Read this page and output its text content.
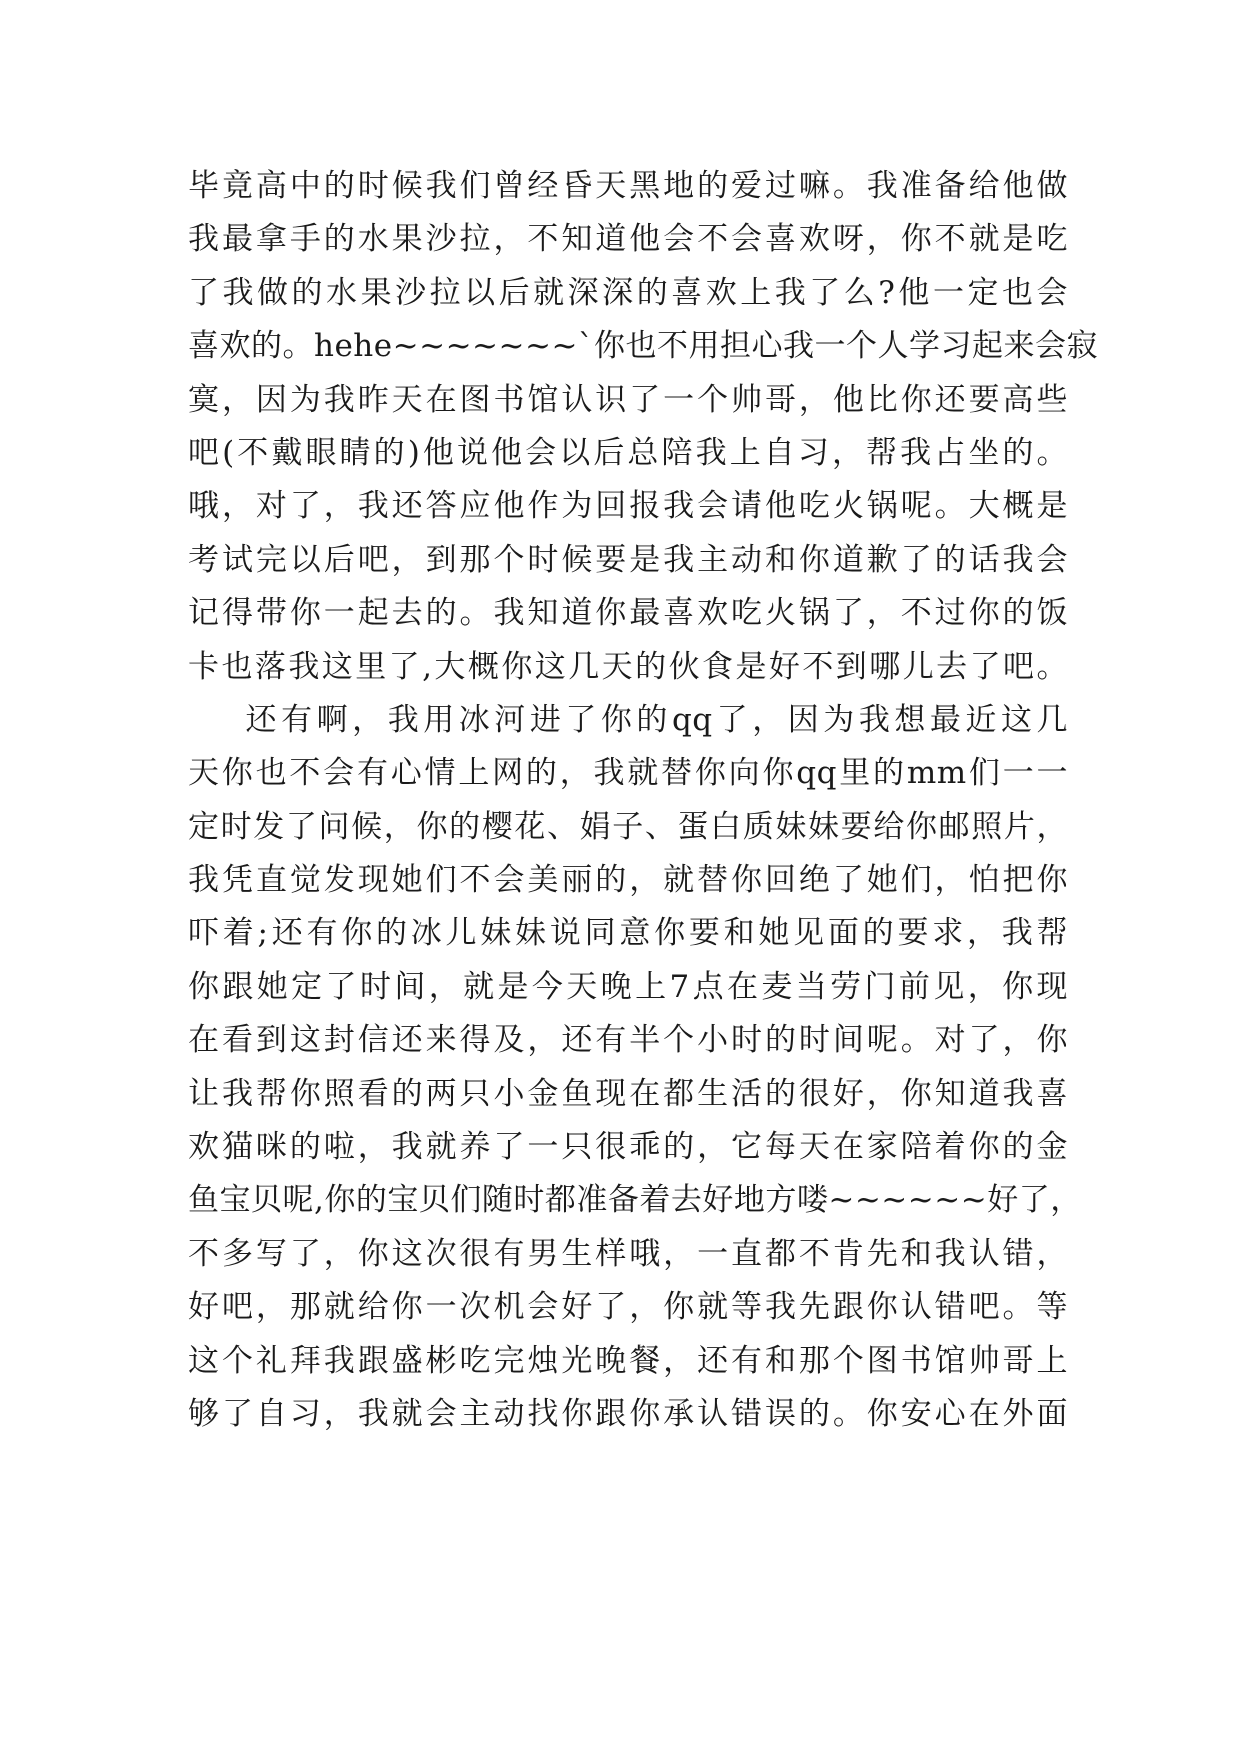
毕竟高中的时候我们曾经昏天黑地的爱过嘛。我准备给他做
我最拿手的水果沙拉，不知道他会不会喜欢呀，你不就是吃
了我做的水果沙拉以后就深深的喜欢上我了么?他一定也会
喜欢的。hehe~~~~~~~`你也不用担心我一个人学习起来会寂
寞，因为我昨天在图书馆认识了一个帅哥，他比你还要高些
吧(不戴眼睛的)他说他会以后总陪我上自习，帮我占坐的。
哦，对了，我还答应他作为回报我会请他吃火锅呢。大概是
考试完以后吧，到那个时候要是我主动和你道歉了的话我会
记得带你一起去的。我知道你最喜欢吃火锅了，不过你的饭
卡也落我这里了,大概你这几天的伙食是好不到哪儿去了吧。
还有啊，我用冰河进了你的qq了，因为我想最近这几
天你也不会有心情上网的，我就替你向你qq里的mm们一一
定时发了问候，你的樱花、娟子、蛋白质妹妹要给你邮照片，
我凭直觉发现她们不会美丽的，就替你回绝了她们，怕把你
吓着;还有你的冰儿妹妹说同意你要和她见面的要求，我帮
你跟她定了时间，就是今天晚上7点在麦当劳门前见，你现
在看到这封信还来得及，还有半个小时的时间呢。对了，你
让我帮你照看的两只小金鱼现在都生活的很好，你知道我喜
欢猫咪的啦，我就养了一只很乖的，它每天在家陪着你的金
鱼宝贝呢,你的宝贝们随时都准备着去好地方喽~~~~~~好了，
不多写了，你这次很有男生样哦，一直都不肯先和我认错，
好吧，那就给你一次机会好了，你就等我先跟你认错吧。等
这个礼拜我跟盛彬吃完烛光晚餐，还有和那个图书馆帅哥上
够了自习，我就会主动找你跟你承认错误的。你安心在外面
